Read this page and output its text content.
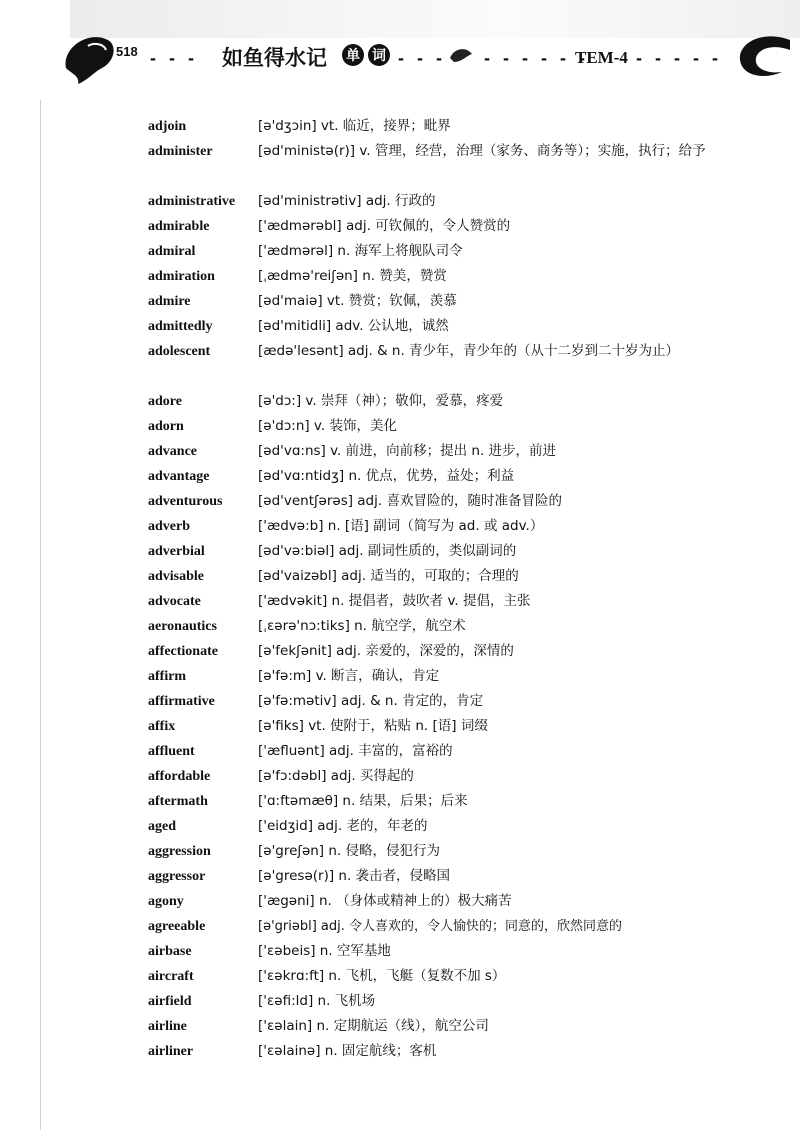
518 - - - 如鱼得水记 单 词 - - - - - - - - -
TEM-4 - - - - -
adjoin	[ə'dʒɔin] vt. 临近，接界；毗界
administer	[əd'ministə(r)] v. 管理，经营，治理（家务、商务等）；实施，执行；给予
administrative [əd'ministrətiv] adj. 行政的
admirable	['ædmərəbl] adj. 可钦佩的，令人赞赏的
admiral	['ædmərəl] n. 海军上将舰队司令
admiration	[ˌædmə'reiʃən] n. 赞美，赞赏
admire	[əd'maiə] vt. 赞赏；钦佩，羡慕
admittedly	[əd'mitidli] adv. 公认地，诚然
adolescent	[ædə'lesənt] adj. & n. 青少年，青少年的（从十二岁到二十岁为止）
adore	[ə'dɔ:] v. 崇拜（神）；敬仰，爱慕，疼爱
adorn	[ə'dɔ:n] v. 装饰，美化
advance	[əd'vɑ:ns] v. 前进，向前移；提出 n. 进步，前进
advantage	[əd'vɑ:ntidʒ] n. 优点，优势，益处；利益
adventurous	[əd'ventʃərəs] adj. 喜欢冒险的，随时准备冒险的
adverb	['ædvə:b] n. [语] 副词（简写为 ad. 或 adv.）
adverbial	[əd'və:biəl] adj. 副词性质的，类似副词的
advisable	[əd'vaizəbl] adj. 适当的，可取的；合理的
advocate	['ædvəkit] n. 提倡者，鼓吹者 v. 提倡，主张
aeronautics	[ˌɛərə'nɔ:tiks] n. 航空学，航空术
affectionate	[ə'fekʃənit] adj. 亲爱的，深爱的，深情的
affirm	[ə'fə:m] v. 断言，确认，肯定
affirmative	[ə'fə:mətiv] adj. & n. 肯定的，肯定
affix	[ə'fiks] vt. 使附于，粘贴 n. [语] 词缀
affluent	['æfluənt] adj. 丰富的，富裕的
affordable	[ə'fɔ:dəbl] adj. 买得起的
aftermath	['ɑ:ftəmæθ] n. 结果，后果；后来
aged	['eidʒid] adj. 老的，年老的
aggression	[ə'greʃən] n. 侵略，侵犯行为
aggressor	[ə'gresə(r)] n. 袭击者，侵略国
agony	['ægəni] n. （身体或精神上的）极大痛苦
agreeable	[ə'griəbl] adj. 令人喜欢的，令人愉快的；同意的，欣然同意的
airbase	['ɛəbeis] n. 空军基地
aircraft	['ɛəkrɑ:ft] n. 飞机，飞艇（复数不加 s）
airfield	['ɛəfi:ld] n. 飞机场
airline	['ɛəlain] n. 定期航运（线），航空公司
airliner	['ɛəlainə] n. 固定航线；客机
